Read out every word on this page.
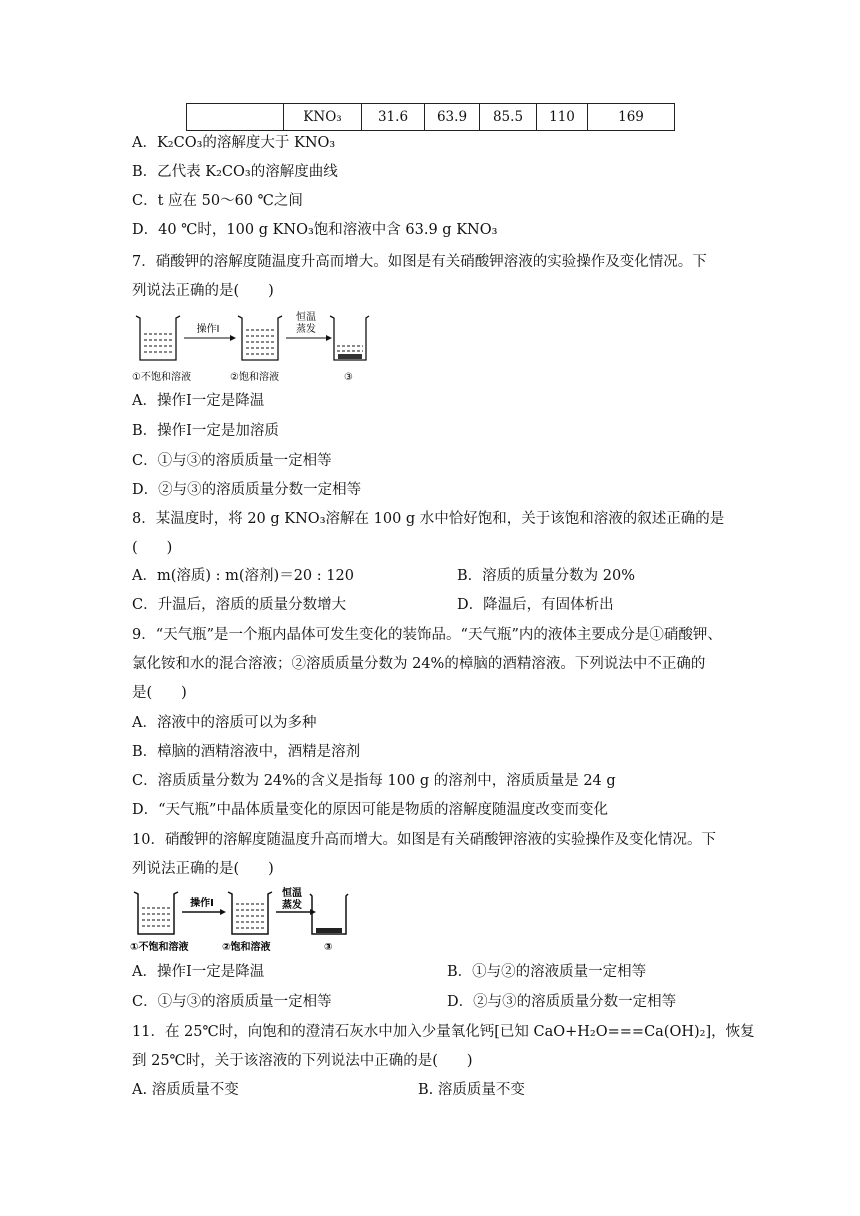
	KNO₃	31.6	63.9	85.5	110	169
A．K₂CO₃的溶解度大于 KNO₃
B．乙代表 K₂CO₃的溶解度曲线
C．t 应在 50～60 ℃之间
D．40 ℃时，100 g KNO₃饱和溶液中含 63.9 g KNO₃
7．硝酸钾的溶解度随温度升高而增大。如图是有关硝酸钾溶液的实验操作及变化情况。下
列说法正确的是(　　)
操作Ⅰ
恒温
蒸发
①不饱和溶液	②饱和溶液	③
A．操作Ⅰ一定是降温
B．操作Ⅰ一定是加溶质
C．①与③的溶质质量一定相等
D．②与③的溶质质量分数一定相等
8．某温度时，将 20 g KNO₃溶解在 100 g 水中恰好饱和，关于该饱和溶液的叙述正确的是
(　　)
A．m(溶质) : m(溶剂)＝20 : 120	B．溶质的质量分数为 20%
C．升温后，溶质的质量分数增大	D．降温后，有固体析出
9．“天气瓶”是一个瓶内晶体可发生变化的装饰品。“天气瓶”内的液体主要成分是①硝酸钾、
氯化铵和水的混合溶液；②溶质质量分数为 24%的樟脑的酒精溶液。下列说法中不正确的
是(　　)
A．溶液中的溶质可以为多种
B．樟脑的酒精溶液中，酒精是溶剂
C．溶质质量分数为 24%的含义是指每 100 g 的溶剂中，溶质质量是 24 g
D．“天气瓶”中晶体质量变化的原因可能是物质的溶解度随温度改变而变化
10．硝酸钾的溶解度随温度升高而增大。如图是有关硝酸钾溶液的实验操作及变化情况。下
列说法正确的是(　　)
操作Ⅰ
恒温
蒸发
①不饱和溶液	②饱和溶液	③
A．操作Ⅰ一定是降温	B．①与②的溶液质量一定相等
C．①与③的溶质质量一定相等	D．②与③的溶质质量分数一定相等
11．在 25℃时，向饱和的澄清石灰水中加入少量氧化钙[已知 CaO+H₂O===Ca(OH)₂]，恢复
到 25℃时，关于该溶液的下列说法中正确的是(　　)
A. 溶质质量不变	B. 溶质质量不变
